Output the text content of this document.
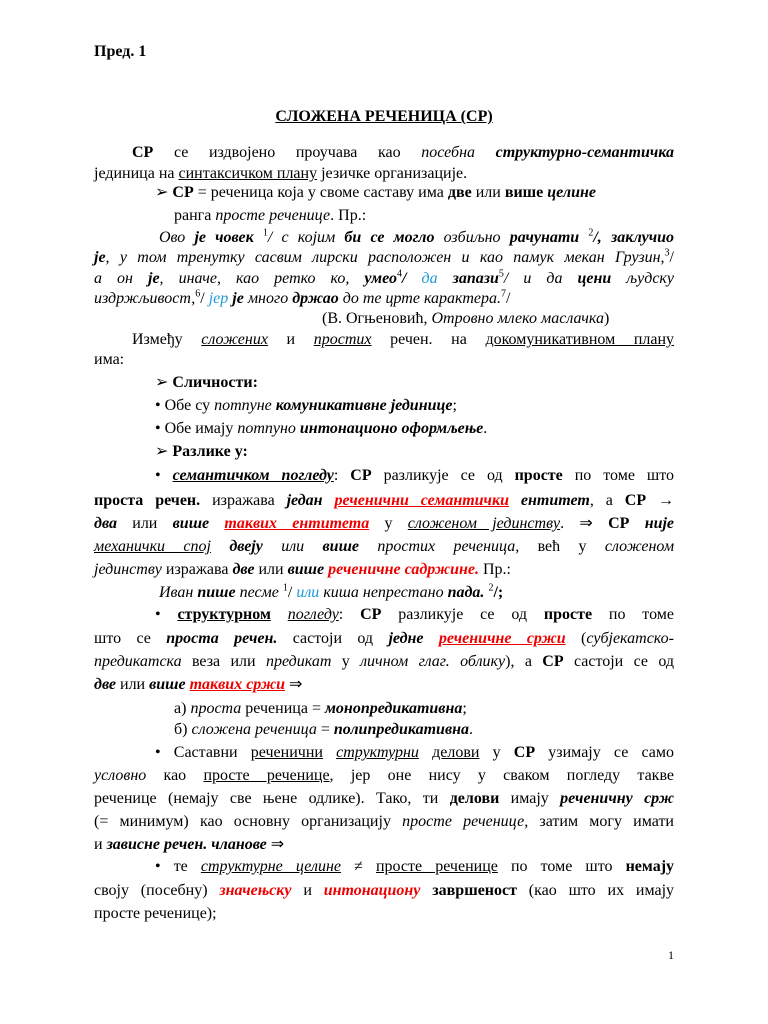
Пред. 1
СЛОЖЕНА РЕЧЕНИЦА (СР)
СР се издвојено проучава као посебна структурно-семантичка
јединица на синтаксичком плану језичке организације.
➢ СР = реченица која у своме саставу има две или више целине
ранга просте реченице. Пр.:
Ово је човек $^1$/ с којим би се могло озбиљно рачунати $^2$/, заклучио
је, у том тренутку сасвим лирски расположен и као памук мекан Грузин,$^3$/
а он је, иначе, као ретко ко, умео$^4$/ да запази$^5$/ и да цени људску
издржљивост,$^6$/ јер је много држао до те црте карактера.$^7$/
(В. Огњеновић, Отровно млеко маслачка)
Између сложених и простих речен. на докомуникативном плану
има:
➢ Сличности:
• Обе су потпуне комуникативне јединице;
• Обе имају потпуно интонационо оформљење.
➢ Разлике у:
• семантичком погледу: СР разликује се од просте по томе што
проста речен. изражава један реченични семантички ентитет, а СР →
два или више таквих ентитета у сложеном јединству. ⇒ СР није
механички спој двеју или више простих реченица, већ у сложеном
јединству изражава две или више реченичне садржине. Пр.:
Иван пише песме $^1$/ или киша непрестано пада. $^2$/;
• структурном погледу: СР разликује се од просте по томе
што се проста речен. састоји од једне реченичне сржи (субјекатско-
предикатска веза или предикат у личном глаг. облику), а СР састоји се од
две или више таквих сржи ⇒
а) проста реченица = монопредикативна;
б) сложена реченица = полипредикативна.
• Саставни реченични структурни делови у СР узимају се само
условно као просте реченице, јер оне нису у сваком погледу такве
реченице (немају све њене одлике). Тако, ти делови имају реченичну срж
(= минимум) као основну организацију просте реченице, затим могу имати
и зависне речен. чланове ⇒
• те структурне целине ≠ просте реченице по томе што немају
своју (посебну) значењску и интонациону завршеност (као што их имају
просте реченице);
1
